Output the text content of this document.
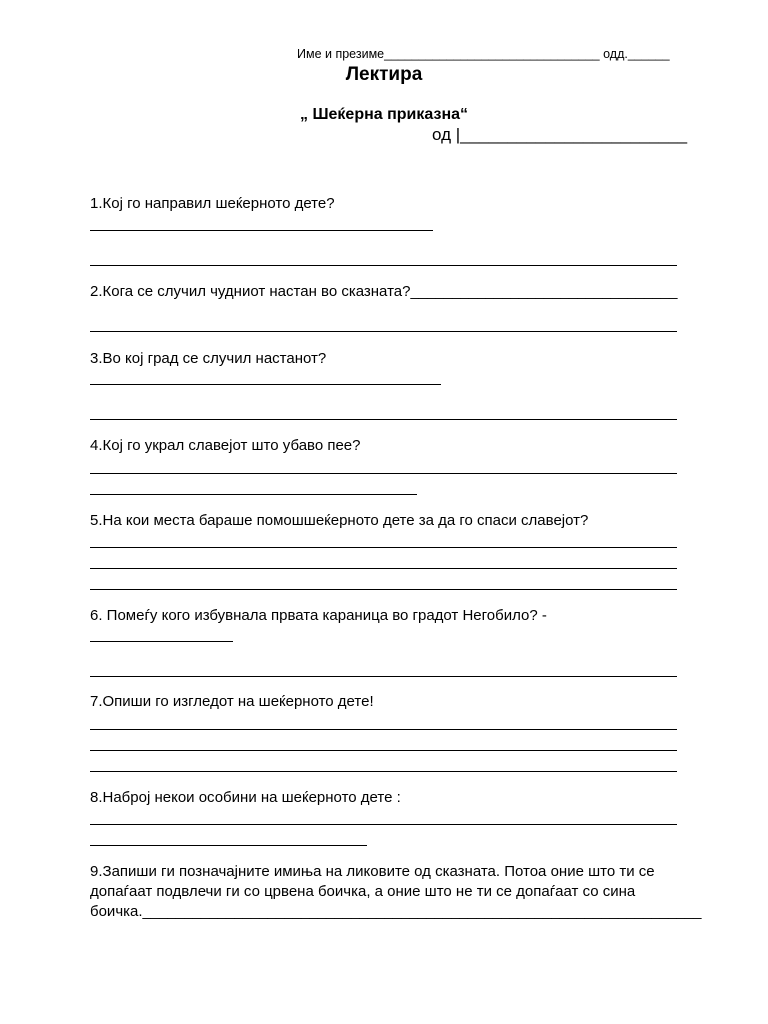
Име и презиме_______________________________ одд.______
Лектира
„ Шеќерна приказна“
од |________________________
1.Кој го направил шеќерното дете?
2.Кога се случил чудниот настан во сказната?________________________________
3.Во кој град се случил настанот?
4.Кој го украл славејот што убаво пее?
5.На кои места бараше помошшеќерното дете за да го спаси славејот?
6. Помеѓу кого избувнала првата караница во градот Негобило? -
7.Опиши го изгледот на шеќерното дете!
8.Наброј некои особини на шеќерното дете :
9.Запиши ги позначајните имиња на ликовите од сказната. Потоа оние што ти се допаѓаат подвлечи ги со црвена боичка, а оние што не ти се допаѓаат со сина боичка.___________________________________________________________________
